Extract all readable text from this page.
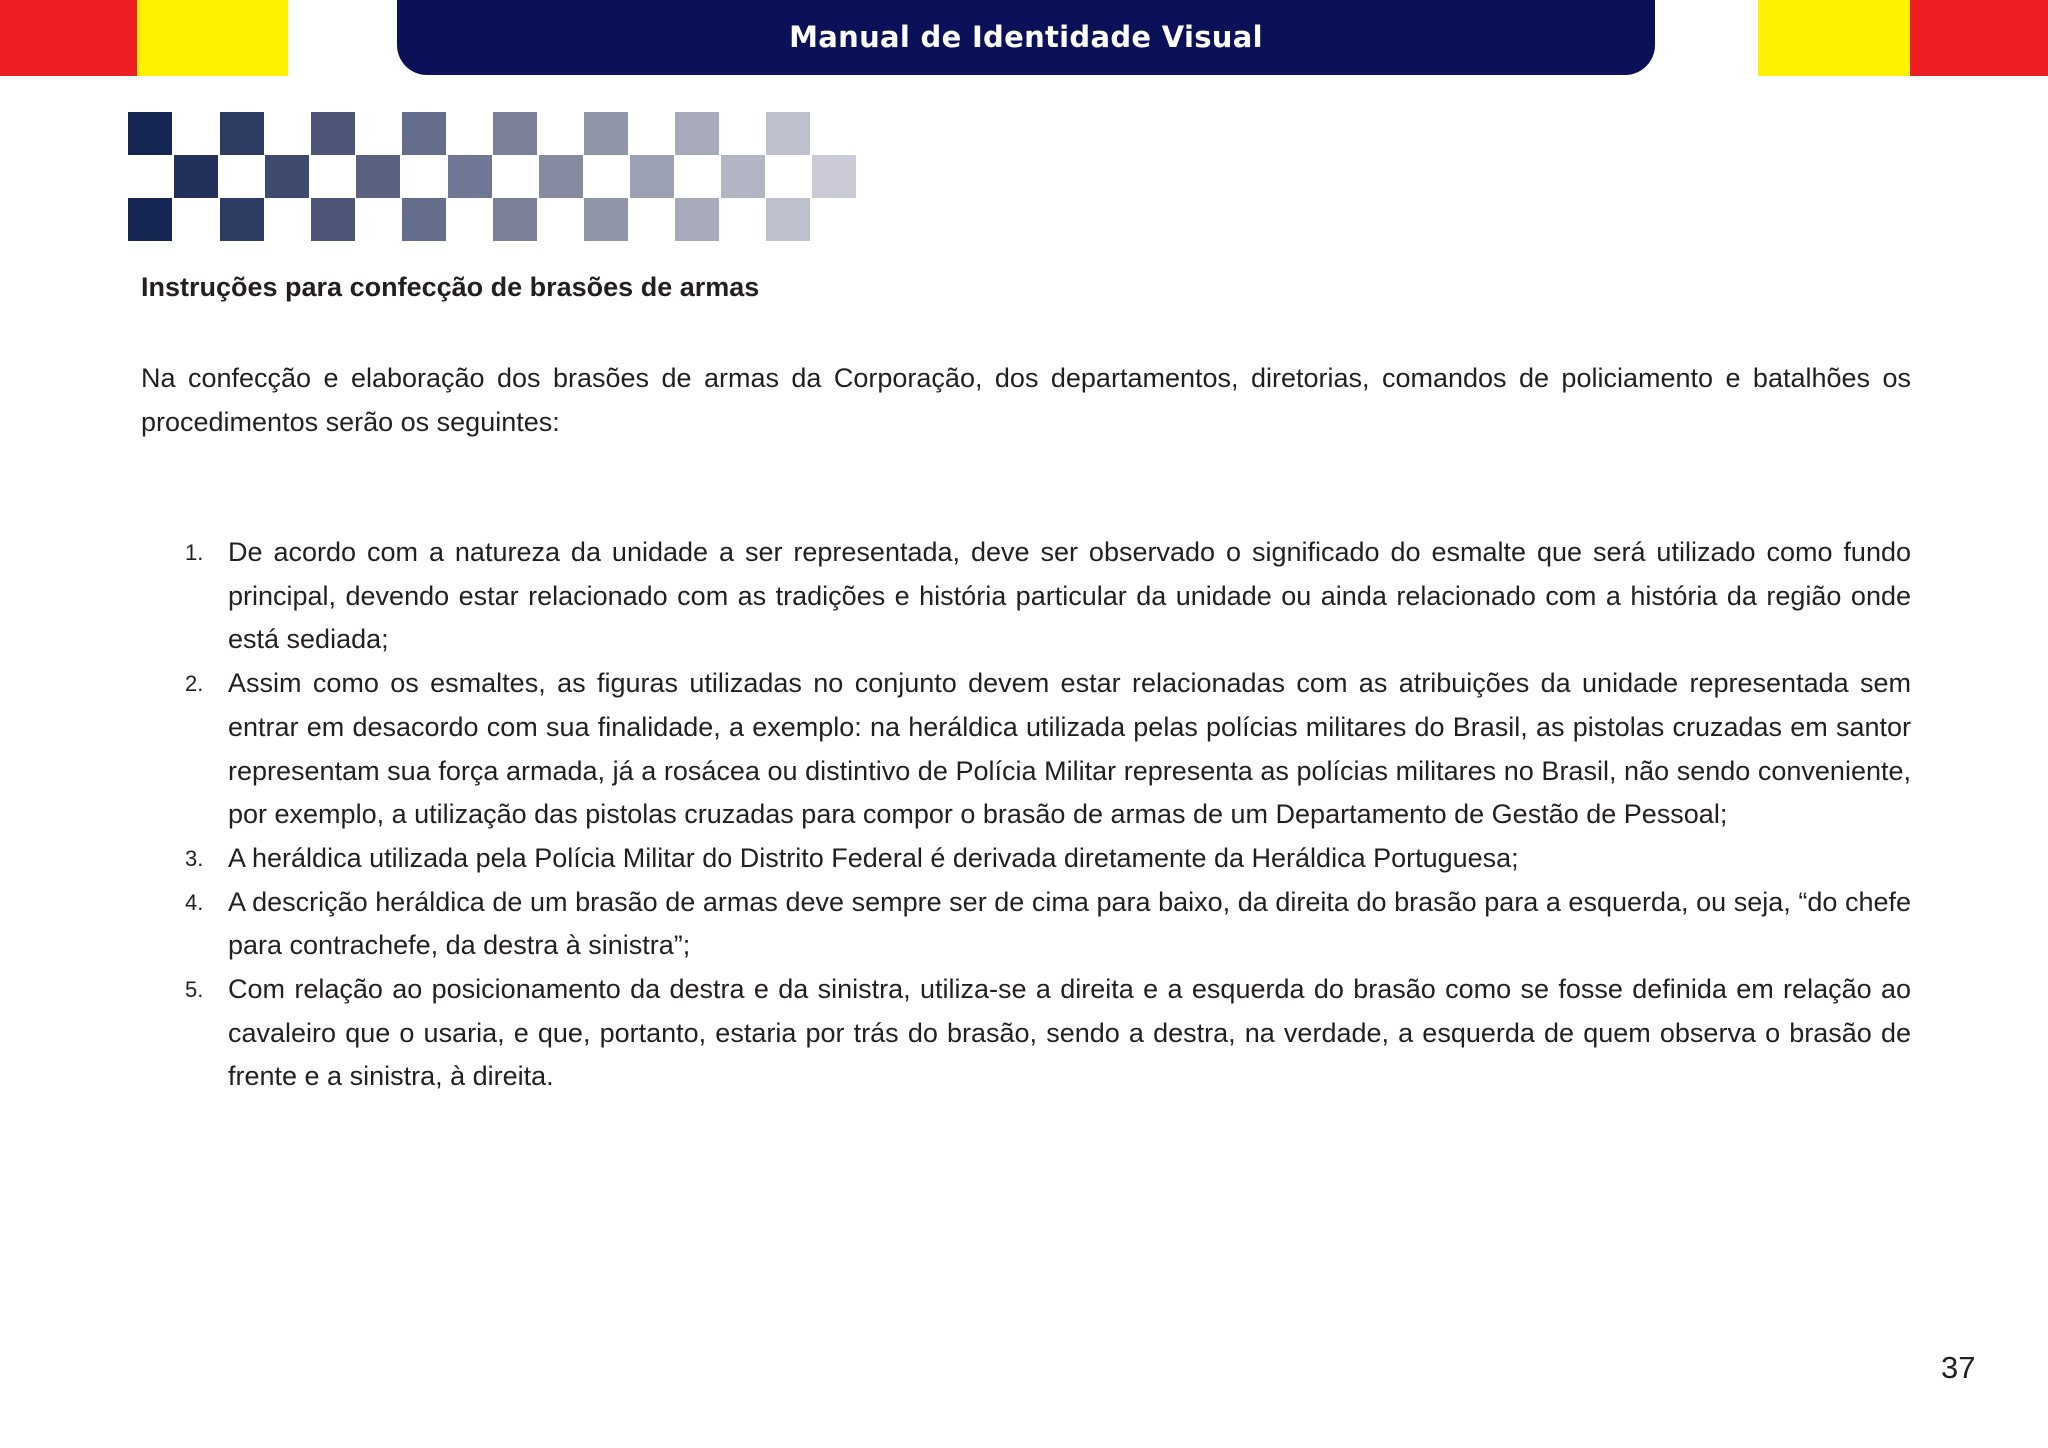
Manual de Identidade Visual
Instruções para confecção de brasões de armas

Na confecção e elaboração dos brasões de armas da Corporação, dos departamentos, diretorias, comandos de policiamento e batalhões os procedimentos serão os seguintes:

1. De acordo com a natureza da unidade a ser representada, deve ser observado o significado do esmalte que será utilizado como fundo principal, devendo estar relacionado com as tradições e história particular da unidade ou ainda relacionado com a história da região onde está sediada;
2. Assim como os esmaltes, as figuras utilizadas no conjunto devem estar relacionadas com as atribuições da unidade representada sem entrar em desacordo com sua finalidade, a exemplo: na heráldica utilizada pelas polícias militares do Brasil, as pistolas cruzadas em santor representam sua força armada, já a rosácea ou distintivo de Polícia Militar representa as polícias militares no Brasil, não sendo conveniente, por exemplo, a utilização das pistolas cruzadas para compor o brasão de armas de um Departamento de Gestão de Pessoal;
3. A heráldica utilizada pela Polícia Militar do Distrito Federal é derivada diretamente da Heráldica Portuguesa;
4. A descrição heráldica de um brasão de armas deve sempre ser de cima para baixo, da direita do brasão para a esquerda, ou seja, “do chefe para contrachefe, da destra à sinistra”;
5. Com relação ao posicionamento da destra e da sinistra, utiliza-se a direita e a esquerda do brasão como se fosse definida em relação ao cavaleiro que o usaria, e que, portanto, estaria por trás do brasão, sendo a destra, na verdade, a esquerda de quem observa o brasão de frente e a sinistra, à direita.
37
